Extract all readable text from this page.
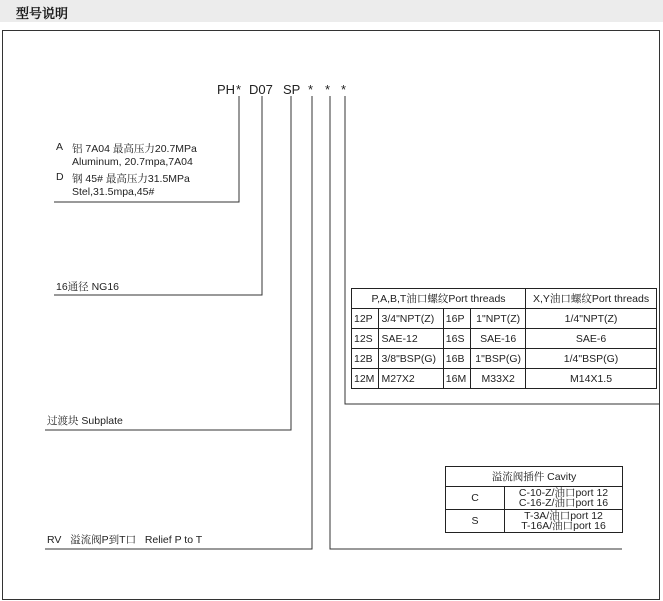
型号说明
PH * D07 SP * * *
A 铝 7A04 最高压力20.7MPa
Aluminum, 20.7mpa,7A04
D 钢 45# 最高压力31.5MPa
Stel,31.5mpa,45#
16通径 NG16
过渡块 Subplate
RV   溢流阀P到T口   Relief P to T
P,A,B,T油口螺纹Port threads				X,Y油口螺纹Port threads
12P	3/4"NPT(Z)	16P	1"NPT(Z)	1/4"NPT(Z)
12S	SAE-12	16S	SAE-16	SAE-6
12B	3/8"BSP(G)	16B	1"BSP(G)	1/4"BSP(G)
12M	M27X2	16M	M33X2	M14X1.5
溢流阀插件 Cavity	
C	C-10-Z/油口port 12
C-16-Z/油口port 16

S	T-3A/油口port 12
T-16A/油口port 16
